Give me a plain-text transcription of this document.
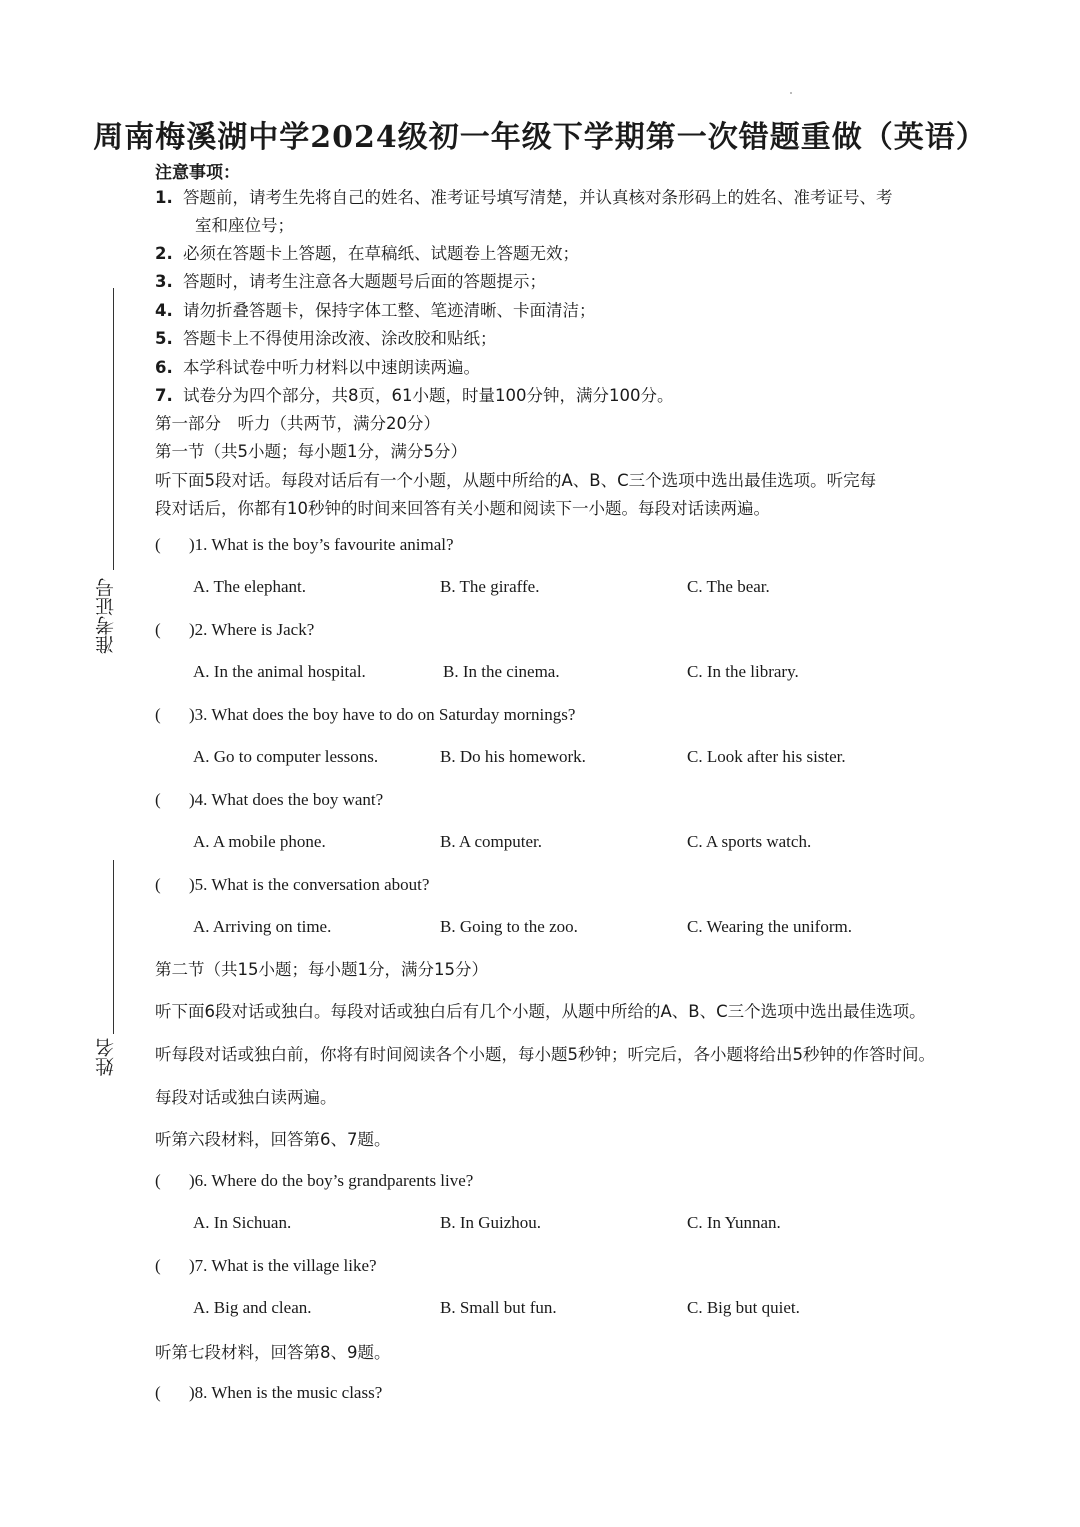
周南梅溪湖中学2024级初一年级下学期第一次错题重做（英语）
注意事项：
1. 答题前，请考生先将自己的姓名、准考证号填写清楚，并认真核对条形码上的姓名、准考证号、考
室和座位号；
2. 必须在答题卡上答题，在草稿纸、试题卷上答题无效；
3. 答题时，请考生注意各大题题号后面的答题提示；
4. 请勿折叠答题卡，保持字体工整、笔迹清晰、卡面清洁；
5. 答题卡上不得使用涂改液、涂改胶和贴纸；
6. 本学科试卷中听力材料以中速朗读两遍。
7. 试卷分为四个部分，共8页，61小题，时量100分钟，满分100分。
第一部分　听力（共两节，满分20分）
第一节（共5小题；每小题1分，满分5分）
听下面5段对话。每段对话后有一个小题，从题中所给的A、B、C三个选项中选出最佳选项。听完每
段对话后，你都有10秒钟的时间来回答有关小题和阅读下一小题。每段对话读两遍。
( )1. What is the boy’s favourite animal?
A. The elephant.	B. The giraffe.	C. The bear.
( )2. Where is Jack?
A. In the animal hospital.	B. In the cinema.	C. In the library.
( )3. What does the boy have to do on Saturday mornings?
A. Go to computer lessons.	B. Do his homework.	C. Look after his sister.
( )4. What does the boy want?
A. A mobile phone.	B. A computer.	C. A sports watch.
( )5. What is the conversation about?
A. Arriving on time.	B. Going to the zoo.	C. Wearing the uniform.
第二节（共15小题；每小题1分，满分15分）
听下面6段对话或独白。每段对话或独白后有几个小题，从题中所给的A、B、C三个选项中选出最佳选项。
听每段对话或独白前，你将有时间阅读各个小题，每小题5秒钟；听完后，各小题将给出5秒钟的作答时间。
每段对话或独白读两遍。
听第六段材料，回答第6、7题。
( )6. Where do the boy’s grandparents live?
A. In Sichuan.	B. In Guizhou.	C. In Yunnan.
( )7. What is the village like?
A. Big and clean.	B. Small but fun.	C. Big but quiet.
听第七段材料，回答第8、9题。
( )8. When is the music class?
准考证号
姓名
